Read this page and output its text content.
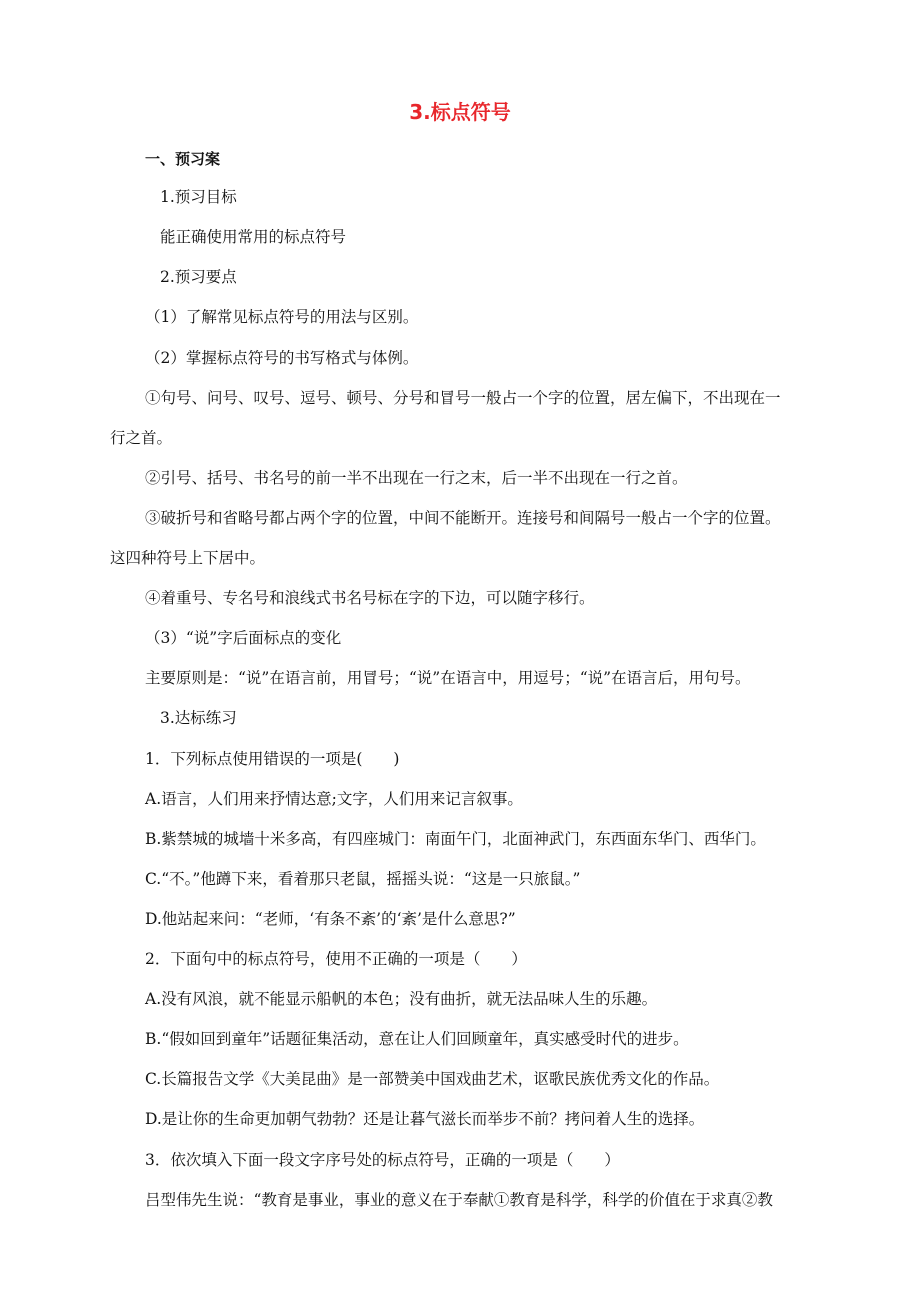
3.标点符号
一、预习案
1.预习目标
能正确使用常用的标点符号
2.预习要点
（1）了解常见标点符号的用法与区别。
（2）掌握标点符号的书写格式与体例。
①句号、问号、叹号、逗号、顿号、分号和冒号一般占一个字的位置，居左偏下，不出现在一
行之首。
②引号、括号、书名号的前一半不出现在一行之末，后一半不出现在一行之首。
③破折号和省略号都占两个字的位置，中间不能断开。连接号和间隔号一般占一个字的位置。
这四种符号上下居中。
④着重号、专名号和浪线式书名号标在字的下边，可以随字移行。
（3）“说”字后面标点的变化
主要原则是：“说”在语言前，用冒号；“说”在语言中，用逗号；“说”在语言后，用句号。
3.达标练习
1．下列标点使用错误的一项是(　　)
A.语言，人们用来抒情达意;文字，人们用来记言叙事。
B.紫禁城的城墙十米多高，有四座城门：南面午门，北面神武门，东西面东华门、西华门。
C.“不。”他蹲下来，看着那只老鼠，摇摇头说：“这是一只旅鼠。”
D.他站起来问：“老师，‘有条不紊’的‘紊’是什么意思?”
2．下面句中的标点符号，使用不正确的一项是（　　）
A.没有风浪，就不能显示船帆的本色；没有曲折，就无法品味人生的乐趣。
B.“假如回到童年”话题征集活动，意在让人们回顾童年，真实感受时代的进步。
C.长篇报告文学《大美昆曲》是一部赞美中国戏曲艺术，讴歌民族优秀文化的作品。
D.是让你的生命更加朝气勃勃？还是让暮气滋长而举步不前？拷问着人生的选择。
3．依次填入下面一段文字序号处的标点符号，正确的一项是（　　）
吕型伟先生说：“教育是事业，事业的意义在于奉献①教育是科学，科学的价值在于求真②教
